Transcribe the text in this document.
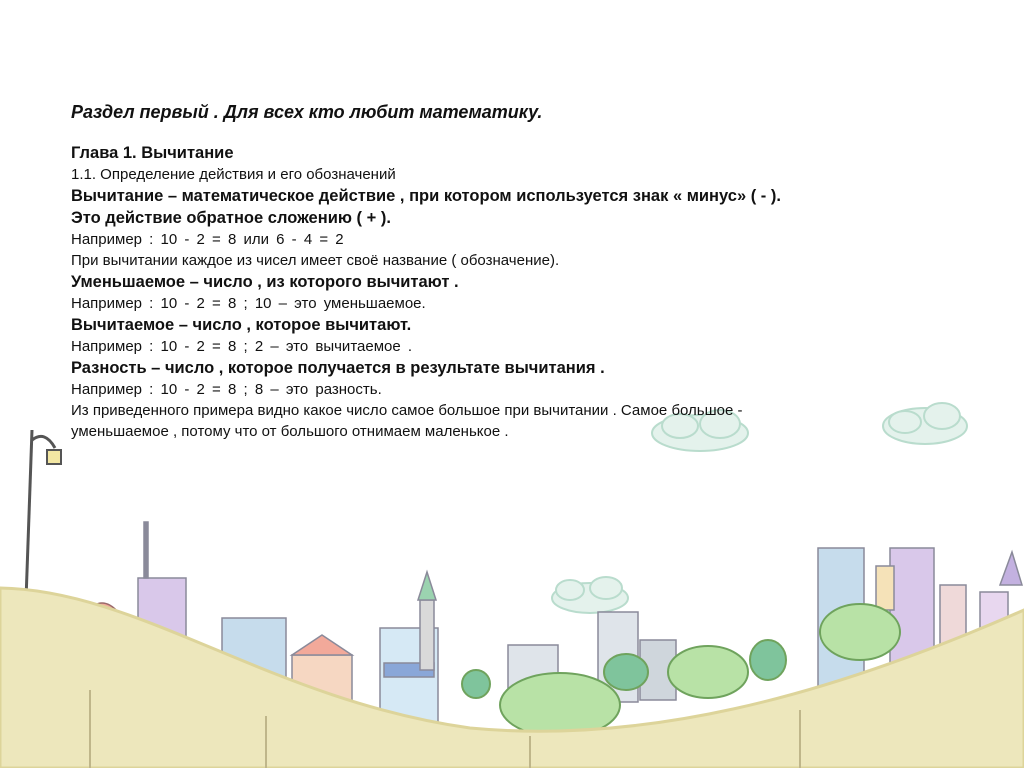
Раздел первый . Для всех кто любит математику.

Глава 1. Вычитание

1.1. Определение действия и его обозначений

Вычитание – математическое действие , при котором используется знак « минус» ( - ).

Это действие обратное сложению ( + ).

Например : 10 - 2 = 8 или 6 - 4 = 2

При вычитании каждое из чисел имеет своё название ( обозначение).

Уменьшаемое – число , из которого вычитают .

Например : 10 - 2 = 8 ; 10 – это уменьшаемое.

Вычитаемое – число , которое вычитают.

Например : 10 - 2 = 8 ; 2 – это вычитаемое .

Разность – число , которое получается в результате вычитания .

Например : 10 - 2 = 8 ; 8 – это разность.

Из приведенного примера видно какое число самое большое при вычитании . Самое большое -

уменьшаемое , потому что от большого отнимаем маленькое .
